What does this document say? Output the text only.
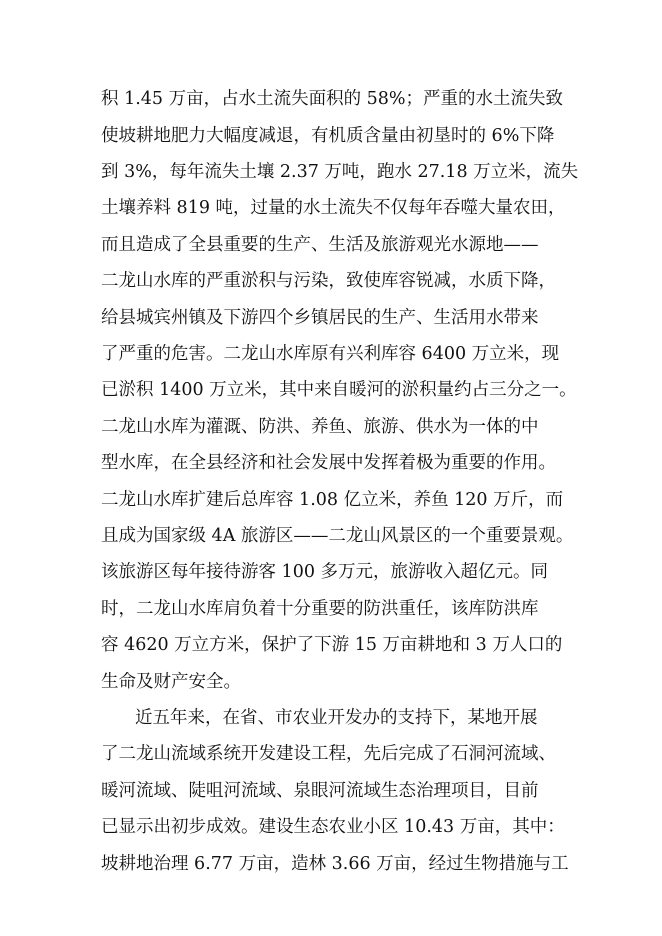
积 1.45 万亩，占水土流失面积的 58%；严重的水土流失致
使坡耕地肥力大幅度减退，有机质含量由初垦时的 6%下降
到 3%，每年流失土壤 2.37 万吨，跑水 27.18 万立米，流失
土壤养料 819 吨，过量的水土流失不仅每年吞噬大量农田，
而且造成了全县重要的生产、生活及旅游观光水源地——
二龙山水库的严重淤积与污染，致使库容锐减，水质下降，
给县城宾州镇及下游四个乡镇居民的生产、生活用水带来
了严重的危害。二龙山水库原有兴利库容 6400 万立米，现
已淤积 1400 万立米，其中来自暖河的淤积量约占三分之一。
二龙山水库为灌溉、防洪、养鱼、旅游、供水为一体的中
型水库，在全县经济和社会发展中发挥着极为重要的作用。
二龙山水库扩建后总库容 1.08 亿立米，养鱼 120 万斤，而
且成为国家级 4A 旅游区——二龙山风景区的一个重要景观。
该旅游区每年接待游客 100 多万元，旅游收入超亿元。同
时，二龙山水库肩负着十分重要的防洪重任，该库防洪库
容 4620 万立方米，保护了下游 15 万亩耕地和 3 万人口的
生命及财产安全。
近五年来，在省、市农业开发办的支持下，某地开展
了二龙山流域系统开发建设工程，先后完成了石洞河流域、
暖河流域、陡咀河流域、泉眼河流域生态治理项目，目前
已显示出初步成效。建设生态农业小区 10.43 万亩，其中：
坡耕地治理 6.77 万亩，造林 3.66 万亩，经过生物措施与工
